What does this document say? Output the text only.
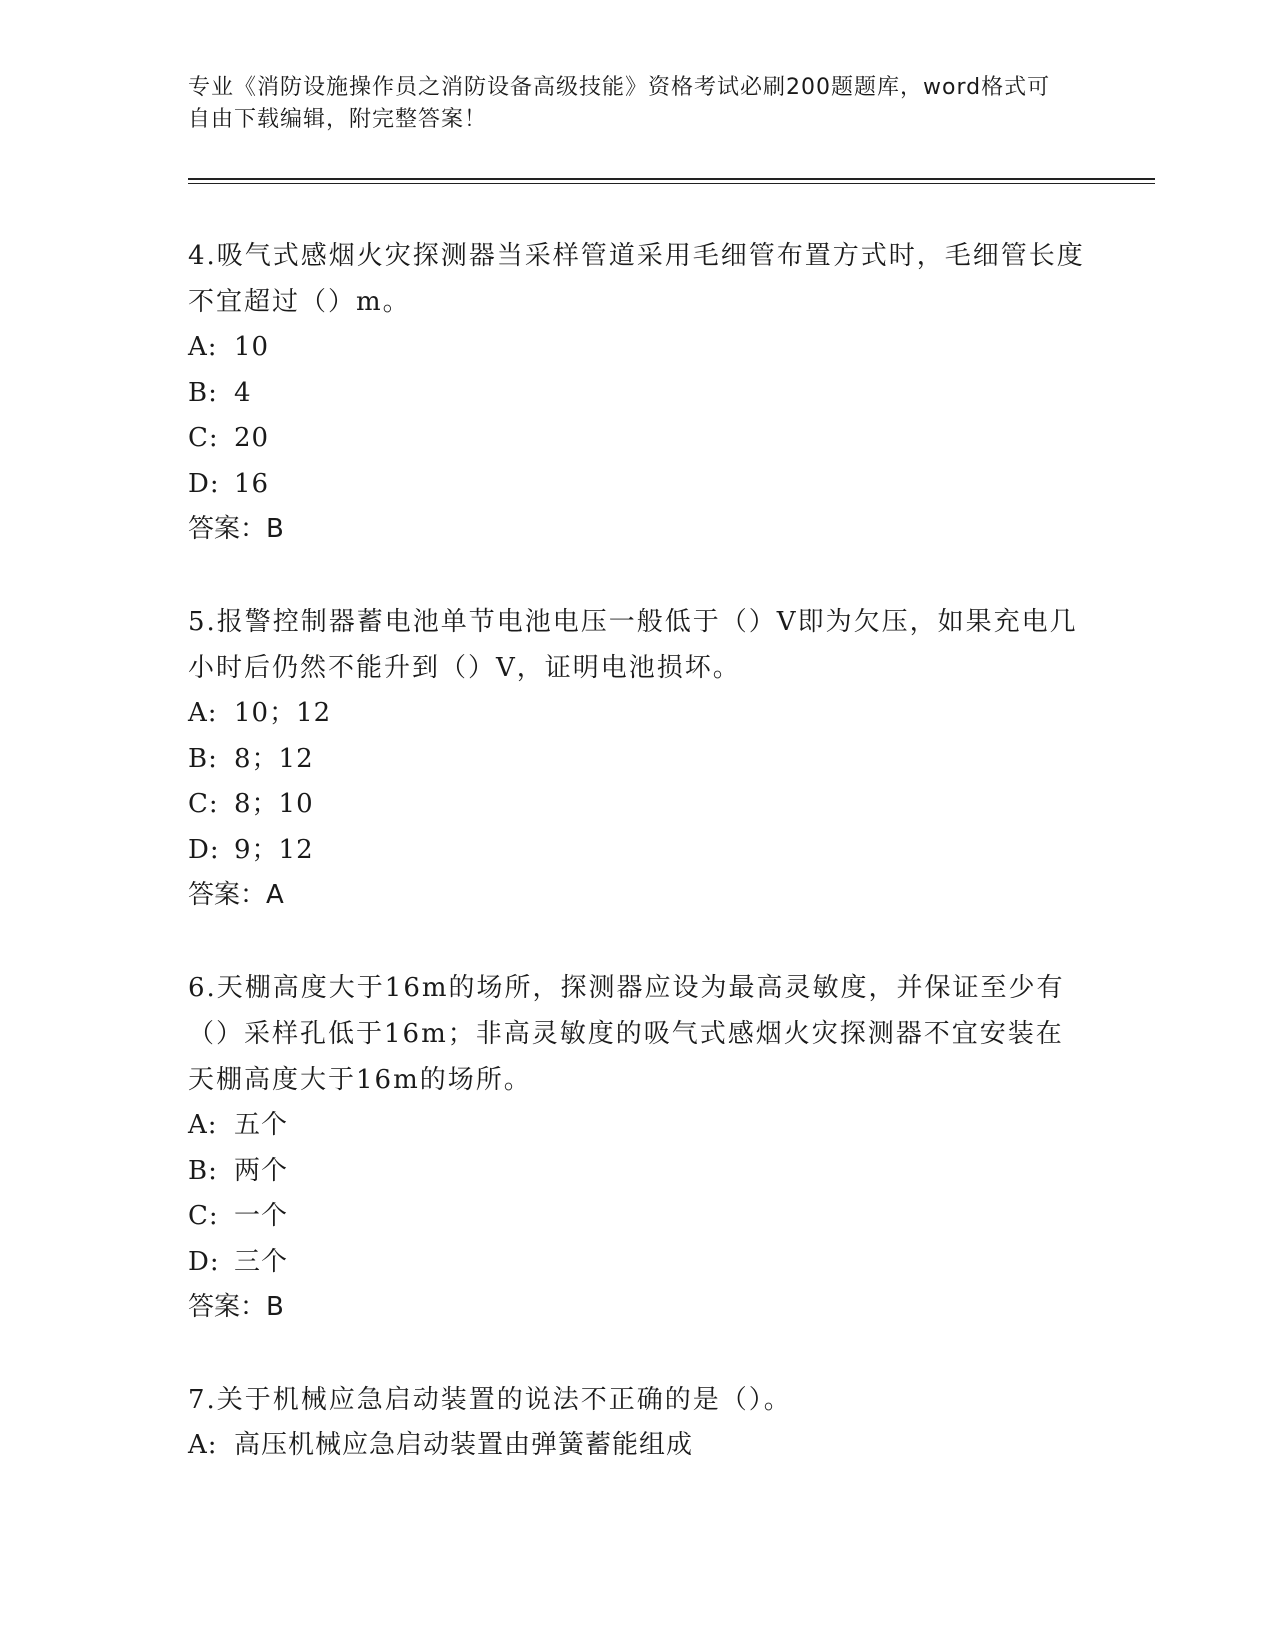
专业《消防设施操作员之消防设备高级技能》资格考试必刷200题题库，word格式可自由下载编辑，附完整答案！

4.吸气式感烟火灾探测器当采样管道采用毛细管布置方式时，毛细管长度不宜超过（）m。

A: 10

B: 4

C: 20

D: 16

答案：B

5.报警控制器蓄电池单节电池电压一般低于（）V即为欠压，如果充电几小时后仍然不能升到（）V，证明电池损坏。

A: 10；12

B: 8；12

C: 8；10

D: 9；12

答案：A

6.天棚高度大于16m的场所，探测器应设为最高灵敏度，并保证至少有（）采样孔低于16m；非高灵敏度的吸气式感烟火灾探测器不宜安装在天棚高度大于16m的场所。

A: 五个

B: 两个

C: 一个

D: 三个

答案：B

7.关于机械应急启动装置的说法不正确的是（）。

A: 高压机械应急启动装置由弹簧蓄能组成
